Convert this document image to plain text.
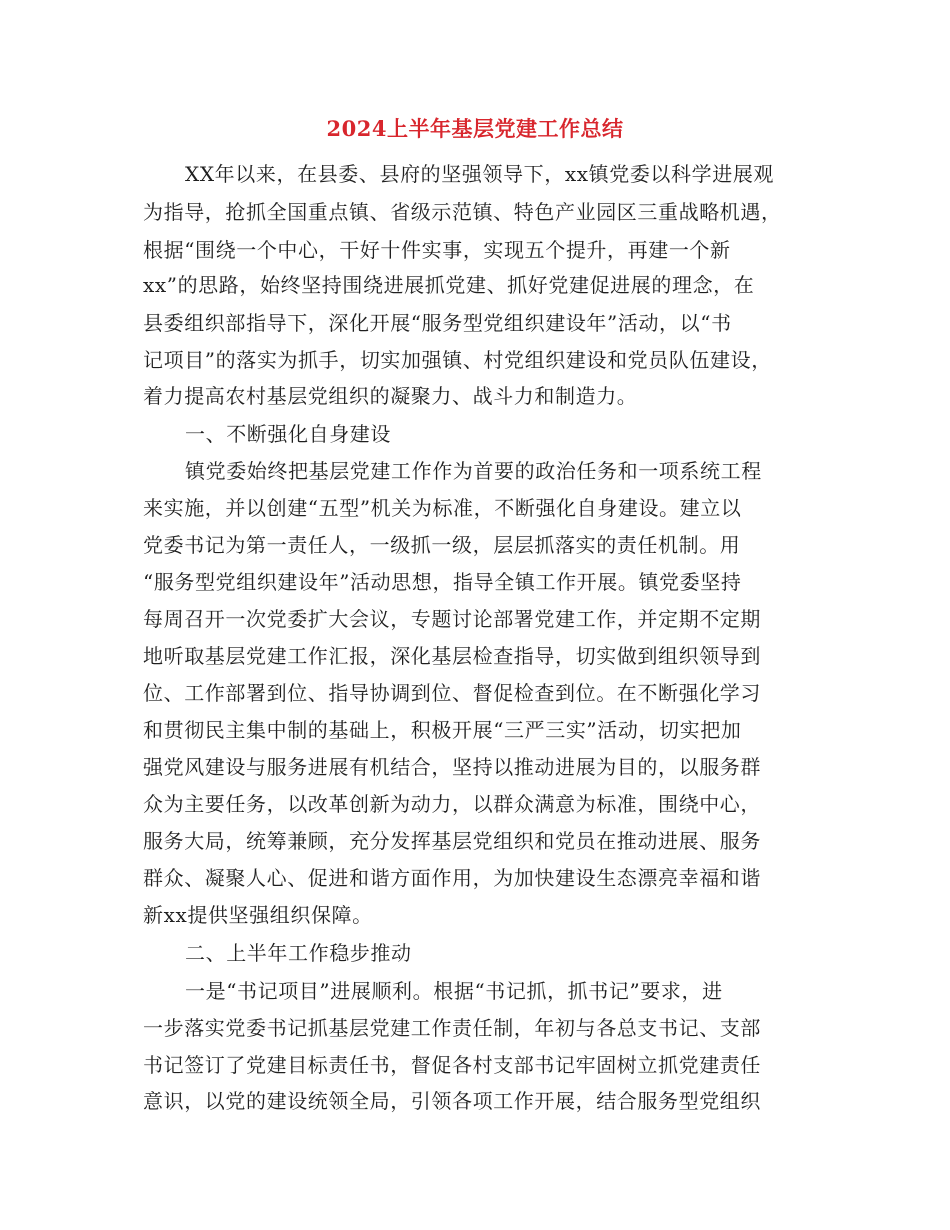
2024上半年基层党建工作总结
XX年以来，在县委、县府的坚强领导下，xx镇党委以科学进展观
为指导，抢抓全国重点镇、省级示范镇、特色产业园区三重战略机遇，
根据“围绕一个中心，干好十件实事，实现五个提升，再建一个新
xx”的思路，始终坚持围绕进展抓党建、抓好党建促进展的理念，在
县委组织部指导下，深化开展“服务型党组织建设年”活动，以“书
记项目”的落实为抓手，切实加强镇、村党组织建设和党员队伍建设，
着力提高农村基层党组织的凝聚力、战斗力和制造力。
一、不断强化自身建设
镇党委始终把基层党建工作作为首要的政治任务和一项系统工程
来实施，并以创建“五型”机关为标准，不断强化自身建设。建立以
党委书记为第一责任人，一级抓一级，层层抓落实的责任机制。用
“服务型党组织建设年”活动思想，指导全镇工作开展。镇党委坚持
每周召开一次党委扩大会议，专题讨论部署党建工作，并定期不定期
地听取基层党建工作汇报，深化基层检查指导，切实做到组织领导到
位、工作部署到位、指导协调到位、督促检查到位。在不断强化学习
和贯彻民主集中制的基础上，积极开展“三严三实”活动，切实把加
强党风建设与服务进展有机结合，坚持以推动进展为目的，以服务群
众为主要任务，以改革创新为动力，以群众满意为标准，围绕中心，
服务大局，统筹兼顾，充分发挥基层党组织和党员在推动进展、服务
群众、凝聚人心、促进和谐方面作用，为加快建设生态漂亮幸福和谐
新xx提供坚强组织保障。
二、上半年工作稳步推动
一是“书记项目”进展顺利。根据“书记抓，抓书记”要求，进
一步落实党委书记抓基层党建工作责任制，年初与各总支书记、支部
书记签订了党建目标责任书，督促各村支部书记牢固树立抓党建责任
意识，以党的建设统领全局，引领各项工作开展，结合服务型党组织
